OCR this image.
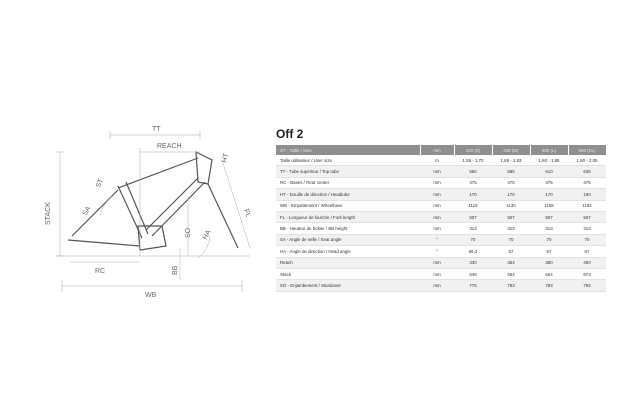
TT
REACH
HT
ST
SA
STACK
SO HA
FL
RC	BB
WB
Off 2
ST - Taille / Size	mm	420 (S)	445 (M)	500 (L)	560 (XL)
Taille utilisateur / User size	m	1,55 - 1,70	1,68 - 1,83	1,80 - 1,95	1,90 - 2,05
TT - Tube supérieur / Top tube	mm	560	585	610	635
RC - Bases / Rear center	mm	475	475	475	475
HT - Douille de direction / Headtube	mm	170	170	170	190
WB - Empattement / Wheelbase	mm	1115	1130	1155	1182
FL - Longueur de fourche / Fork length	mm	507	507	507	507
BB - Hauteur de boitier / BB height	mm	313	313	313	313
SA - Angle de selle / Seat angle	°	70	70	70	70
HA - Angle de direction / Head angle	°	66,3	67	67	67
Reach	mm	330	354	380	400
Stack	mm	649	654	654	673
SO - Enjambement / Standover	mm	775	783	783	792
